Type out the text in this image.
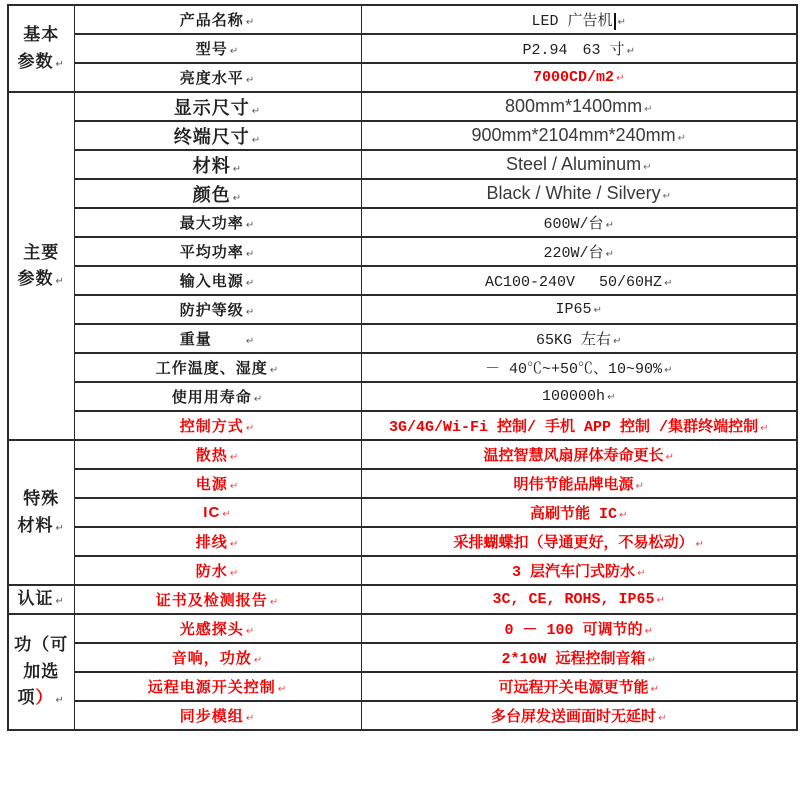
基本
参数 ↵	产品名称 ↵	LED 广告机 ↵
	型号 ↵	P2.94　63 寸 ↵
	亮度水平 ↵	7000CD/m2 ↵

主要
参数 ↵	显示尺寸 ↵	800mm*1400mm ↵
	终端尺寸 ↵	900mm*2104mm*240mm ↵
	材料 ↵	Steel / Aluminum ↵
	颜色 ↵	Black / White / Silvery ↵
	最大功率 ↵	600W/台 ↵
	平均功率 ↵	220W/台 ↵
	输入电源 ↵	AC100-240V　 50/60HZ ↵
	防护等级 ↵	IP65 ↵
	重量　　↵	65KG 左右 ↵
	工作温度、湿度 ↵	－ 40℃~+50℃、10~90% ↵
	使用用寿命 ↵	100000h ↵
	控制方式 ↵	3G/4G/Wi-Fi 控制/ 手机 APP 控制 /集群终端控制 ↵

特殊
材料 ↵	散热 ↵	温控智慧风扇屏体寿命更长 ↵
	电源 ↵	明伟节能品牌电源 ↵
	IC ↵	高刷节能 IC ↵
	排线 ↵	采排蝴蝶扣（导通更好，不易松动） ↵
	防水 ↵	3 层汽车门式防水 ↵

认证 ↵	证书及检测报告 ↵	3C, CE, ROHS, IP65 ↵

功（可
加选
项） ↵	光感探头 ↵	0 － 100 可调节的 ↵
	音响，功放 ↵	2*10W 远程控制音箱 ↵
	远程电源开关控制 ↵	可远程开关电源更节能 ↵
	同步模组 ↵	多台屏发送画面时无延时 ↵
